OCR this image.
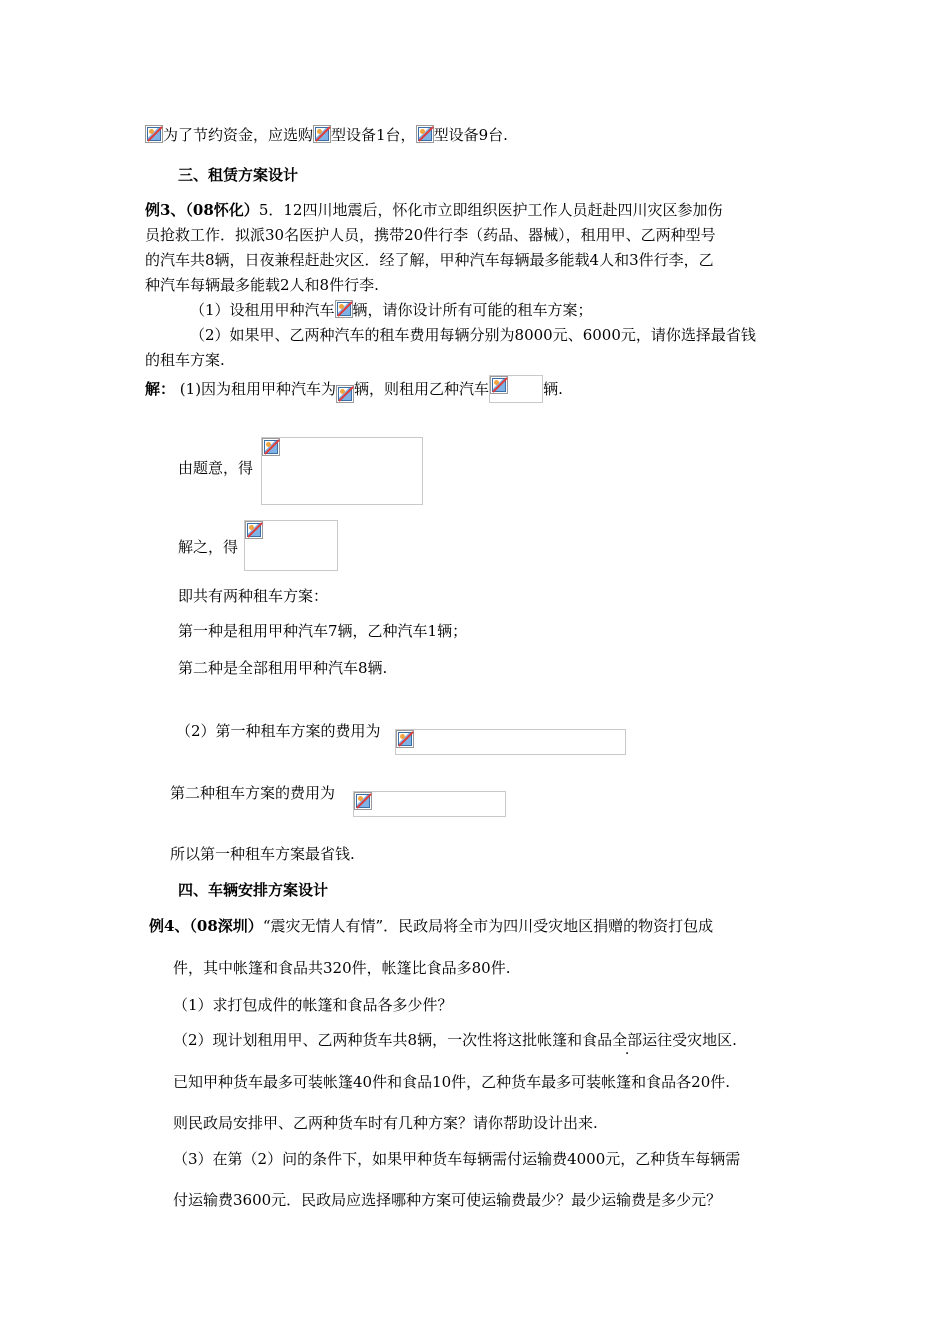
为了节约资金，应选购 型设备1台， 型设备9台.
三、租赁方案设计
例3、（08怀化）5．12四川地震后，怀化市立即组织医护工作人员赶赴四川灾区参加伤
员抢救工作．拟派30名医护人员，携带20件行李（药品、器械），租用甲、乙两种型号
的汽车共8辆，日夜兼程赶赴灾区．经了解，甲种汽车每辆最多能载4人和3件行李，乙
种汽车每辆最多能载2人和8件行李.
（1）设租用甲种汽车 辆，请你设计所有可能的租车方案；
（2）如果甲、乙两种汽车的租车费用每辆分别为8000元、6000元，请你选择最省钱
的租车方案.
解： (1)因为租用甲种汽车为 辆，则租用乙种汽车	辆.
由题意，得
解之，得
即共有两种租车方案：
第一种是租用甲种汽车7辆，乙种汽车1辆；
第二种是全部租用甲种汽车8辆.
（2）第一种租车方案的费用为
第二种租车方案的费用为
所以第一种租车方案最省钱.
四、车辆安排方案设计
例4、（08深圳）“震灾无情人有情”．民政局将全市为四川受灾地区捐赠的物资打包成
件，其中帐篷和食品共320件，帐篷比食品多80件.
（1）求打包成件的帐篷和食品各多少件？
（2）现计划租用甲、乙两种货车共8辆，一次性将这批帐篷和食品全部运往受灾地区.
已知甲种货车最多可装帐篷40件和食品10件，乙种货车最多可装帐篷和食品各20件.
则民政局安排甲、乙两种货车时有几种方案？请你帮助设计出来.
（3）在第（2）问的条件下，如果甲种货车每辆需付运输费4000元，乙种货车每辆需
付运输费3600元．民政局应选择哪种方案可使运输费最少？最少运输费是多少元？
